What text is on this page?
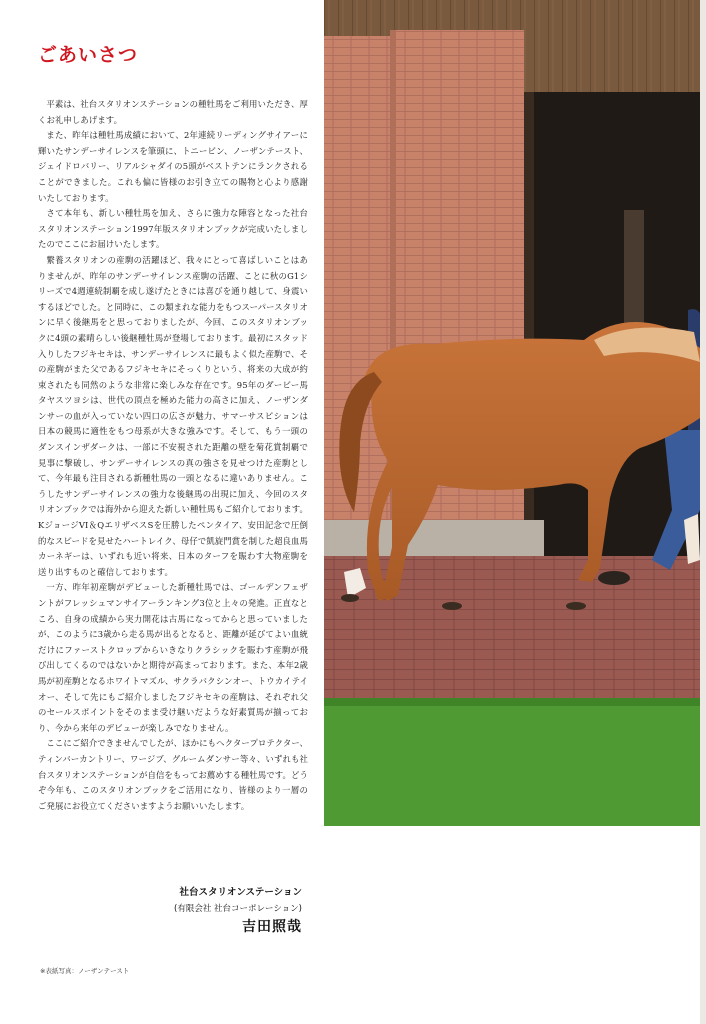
ごあいさつ

平素は、社台スタリオンステーションの種牡馬をご利用いただき、厚くお礼申しあげます。

また、昨年は種牡馬成績において、2年連続リーディングサイアーに輝いたサンデーサイレンスを筆頭に、トニービン、ノーザンテースト、ジェイドロバリー、リアルシャダイの5頭がベストテンにランクされることができました。これも偏に皆様のお引き立ての賜物と心より感謝いたしております。

さて本年も、新しい種牡馬を加え、さらに強力な陣容となった社台スタリオンステーション1997年版スタリオンブックが完成いたしましたのでここにお届けいたします。

繋養スタリオンの産駒の活躍ほど、我々にとって喜ばしいことはありませんが、昨年のサンデーサイレンス産駒の活躍、ことに秋のG1シリーズで4週連続制覇を成し遂げたときには喜びを通り越して、身震いするほどでした。と同時に、この類まれな能力をもつスーパースタリオンに早く後継馬をと思っておりましたが、今回、このスタリオンブックに4頭の素晴らしい後継種牡馬が登場しております。最初にスタッド入りしたフジキセキは、サンデーサイレンスに最もよく似た産駒で、その産駒がまた父であるフジキセキにそっくりという、将来の大成が約束されたも同然のような非常に楽しみな存在です。95年のダービー馬タヤスツヨシは、世代の頂点を極めた能力の高さに加え、ノーザンダンサーの血が入っていない四口の広さが魅力、サマーサスピションは日本の競馬に適性をもつ母系が大きな強みです。そして、もう一頭のダンスインザダークは、一部に不安視された距離の壁を菊花賞制覇で見事に撃破し、サンデーサイレンスの真の強さを見せつけた産駒として、今年最も注目される新種牡馬の一頭となるに違いありません。こうしたサンデーサイレンスの強力な後継馬の出現に加え、今回のスタリオンブックでは海外から迎えた新しい種牡馬もご紹介しております。KジョージVI＆QエリザベスSを圧勝したペンタイア、安田記念で圧倒的なスピードを見せたハートレイク、母仔で凱旋門賞を制した超良血馬カーネギーは、いずれも近い将来、日本のターフを賑わす大物産駒を送り出すものと確信しております。

一方、昨年初産駒がデビューした新種牡馬では、ゴールデンフェザントがフレッシュマンサイアーランキング3位と上々の発進。正直なところ、自身の成績から実力開花は古馬になってからと思っていましたが、このように3歳から走る馬が出るとなると、距離が延びてよい血統だけにファーストクロップからいきなりクラシックを賑わす産駒が飛び出してくるのではないかと期待が高まっております。また、本年2歳馬が初産駒となるホワイトマズル、サクラバクシンオー、トウカイテイオー、そして先にもご紹介しましたフジキセキの産駒は、それぞれ父のセールスポイントをそのまま受け継いだような好素質馬が揃っており、今から来年のデビューが楽しみでなりません。

ここにご紹介できませんでしたが、ほかにもヘクタープロテクター、ティンバーカントリー、ワージブ、グルームダンサー等々、いずれも社台スタリオンステーションが自信をもってお薦めする種牡馬です。どうぞ今年も、このスタリオンブックをご活用になり、皆様のより一層のご発展にお役立てくださいますようお願いいたします。

社台スタリオンステーション
(有限会社 社台コーポレーション)
吉田照哉
※表紙写真：ノーザンテースト
